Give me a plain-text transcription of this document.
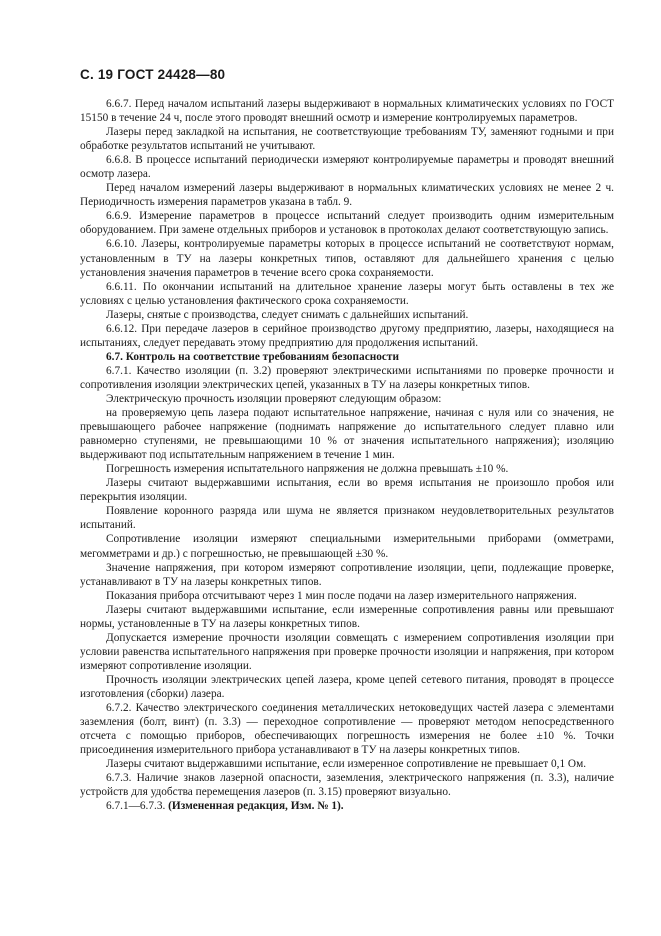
С. 19 ГОСТ 24428—80

6.6.7. Перед началом испытаний лазеры выдерживают в нормальных климатических условиях по ГОСТ 15150 в течение 24 ч, после этого проводят внешний осмотр и измерение контролируемых параметров.

Лазеры перед закладкой на испытания, не соответствующие требованиям ТУ, заменяют годными и при обработке результатов испытаний не учитывают.

6.6.8. В процессе испытаний периодически измеряют контролируемые параметры и проводят внешний осмотр лазера.

Перед началом измерений лазеры выдерживают в нормальных климатических условиях не менее 2 ч. Периодичность измерения параметров указана в табл. 9.

6.6.9. Измерение параметров в процессе испытаний следует производить одним измерительным оборудованием. При замене отдельных приборов и установок в протоколах делают соответствующую запись.

6.6.10. Лазеры, контролируемые параметры которых в процессе испытаний не соответствуют нормам, установленным в ТУ на лазеры конкретных типов, оставляют для дальнейшего хранения с целью установления значения параметров в течение всего срока сохраняемости.

6.6.11. По окончании испытаний на длительное хранение лазеры могут быть оставлены в тех же условиях с целью установления фактического срока сохраняемости.

Лазеры, снятые с производства, следует снимать с дальнейших испытаний.

6.6.12. При передаче лазеров в серийное производство другому предприятию, лазеры, находящиеся на испытаниях, следует передавать этому предприятию для продолжения испытаний.

6.7. Контроль на соответствие требованиям безопасности

6.7.1. Качество изоляции (п. 3.2) проверяют электрическими испытаниями по проверке прочности и сопротивления изоляции электрических цепей, указанных в ТУ на лазеры конкретных типов.

Электрическую прочность изоляции проверяют следующим образом:

на проверяемую цепь лазера подают испытательное напряжение, начиная с нуля или со значения, не превышающего рабочее напряжение (поднимать напряжение до испытательного следует плавно или равномерно ступенями, не превышающими 10 % от значения испытательного напряжения); изоляцию выдерживают под испытательным напряжением в течение 1 мин.

Погрешность измерения испытательного напряжения не должна превышать ±10 %.

Лазеры считают выдержавшими испытания, если во время испытания не произошло пробоя или перекрытия изоляции.

Появление коронного разряда или шума не является признаком неудовлетворительных результатов испытаний.

Сопротивление изоляции измеряют специальными измерительными приборами (омметрами, мегомметрами и др.) с погрешностью, не превышающей ±30 %.

Значение напряжения, при котором измеряют сопротивление изоляции, цепи, подлежащие проверке, устанавливают в ТУ на лазеры конкретных типов.

Показания прибора отсчитывают через 1 мин после подачи на лазер измерительного напряжения.

Лазеры считают выдержавшими испытание, если измеренные сопротивления равны или превышают нормы, установленные в ТУ на лазеры конкретных типов.

Допускается измерение прочности изоляции совмещать с измерением сопротивления изоляции при условии равенства испытательного напряжения при проверке прочности изоляции и напряжения, при котором измеряют сопротивление изоляции.

Прочность изоляции электрических цепей лазера, кроме цепей сетевого питания, проводят в процессе изготовления (сборки) лазера.

6.7.2. Качество электрического соединения металлических нетоковедущих частей лазера с элементами заземления (болт, винт) (п. 3.3) — переходное сопротивление — проверяют методом непосредственного отсчета с помощью приборов, обеспечивающих погрешность измерения не более ±10 %. Точки присоединения измерительного прибора устанавливают в ТУ на лазеры конкретных типов.

Лазеры считают выдержавшими испытание, если измеренное сопротивление не превышает 0,1 Ом.

6.7.3. Наличие знаков лазерной опасности, заземления, электрического напряжения (п. 3.3), наличие устройств для удобства перемещения лазеров (п. 3.15) проверяют визуально.

6.7.1—6.7.3. (Измененная редакция, Изм. № 1).
